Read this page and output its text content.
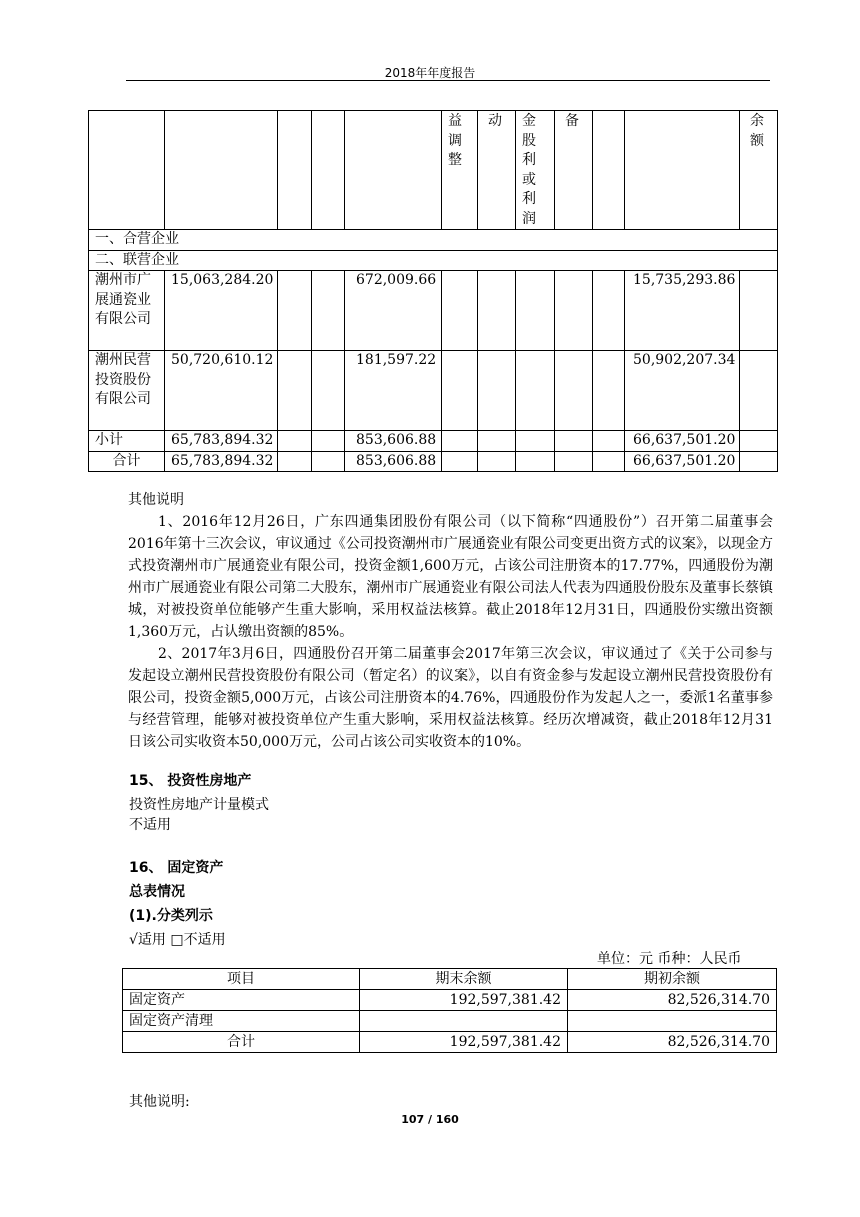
2018年年度报告

					益调整	动	金股利或利润	备			余额

一、合营企业											
二、联营企业											

潮州市广展通瓷业有限公司	15,063,284.20			672,009.66						15,735,293.86	

潮州民营投资股份有限公司	50,720,610.12			181,597.22						50,902,207.34	

小计	65,783,894.32			853,606.88						66,637,501.20	

合计	65,783,894.32			853,606.88						66,637,501.20	

其他说明

1、2016年12月26日，广东四通集团股份有限公司（以下简称“四通股份”）召开第二届董事会2016年第十三次会议，审议通过《公司投资潮州市广展通瓷业有限公司变更出资方式的议案》，以现金方式投资潮州市广展通瓷业有限公司，投资金额1,600万元，占该公司注册资本的17.77%，四通股份为潮州市广展通瓷业有限公司第二大股东，潮州市广展通瓷业有限公司法人代表为四通股份股东及董事长蔡镇城，对被投资单位能够产生重大影响，采用权益法核算。截止2018年12月31日，四通股份实缴出资额1,360万元，占认缴出资额的85%。

2、2017年3月6日，四通股份召开第二届董事会2017年第三次会议，审议通过了《关于公司参与发起设立潮州民营投资股份有限公司（暂定名）的议案》，以自有资金参与发起设立潮州民营投资股份有限公司，投资金额5,000万元，占该公司注册资本的4.76%，四通股份作为发起人之一，委派1名董事参与经营管理，能够对被投资单位产生重大影响，采用权益法核算。经历次增减资，截止2018年12月31日该公司实收资本50,000万元，公司占该公司实收资本的10%。

15、 投资性房地产
投资性房地产计量模式
不适用
16、 固定资产
总表情况
(1).分类列示
√适用 □不适用
单位：元 币种：人民币
项目	期末余额	期初余额
固定资产	192,597,381.42	82,526,314.70
固定资产清理		
合计	192,597,381.42	82,526,314.70
其他说明:
107 / 160
